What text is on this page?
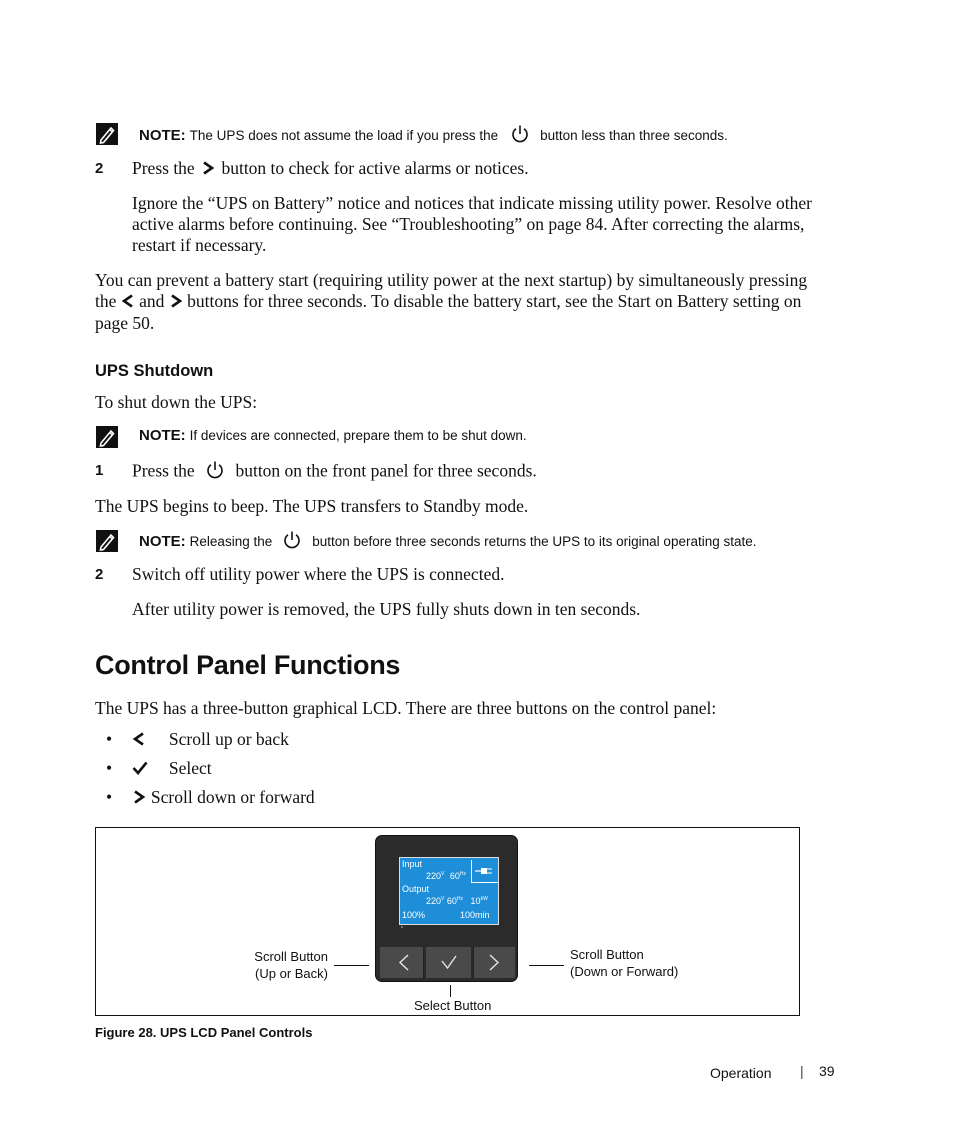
NOTE: The UPS does not assume the load if you press the	button less than three seconds.
2 Press the button to check for active alarms or notices.
Ignore the “UPS on Battery” notice and notices that indicate missing utility power. Resolve other
active alarms before continuing. See “Troubleshooting” on page 84. After correcting the alarms,
restart if necessary.
You can prevent a battery start (requiring utility power at the next startup) by simultaneously pressing
the and buttons for three seconds. To disable the battery start, see the Start on Battery setting on
page 50.
UPS Shutdown
To shut down the UPS:
NOTE: If devices are connected, prepare them to be shut down.
1 Press the button on the front panel for three seconds.
The UPS begins to beep. The UPS transfers to Standby mode.
NOTE: Releasing the	button before three seconds returns the UPS to its original operating state.
2 Switch off utility power where the UPS is connected.
After utility power is removed, the UPS fully shuts down in ten seconds.
Control Panel Functions
The UPS has a three-button graphical LCD. There are three buttons on the control panel:
•	Scroll up or back
•	Select
• Scroll down or forward
Input
$220^V$ $60^{Hz}$
Output
$220^V$ $60^{Hz}$ $10^{kW}$
100%	100min
Scroll Button
(Up or Back)
Scroll Button
(Down or Forward)
Select Button
Figure 28. UPS LCD Panel Controls
Operation | 39
